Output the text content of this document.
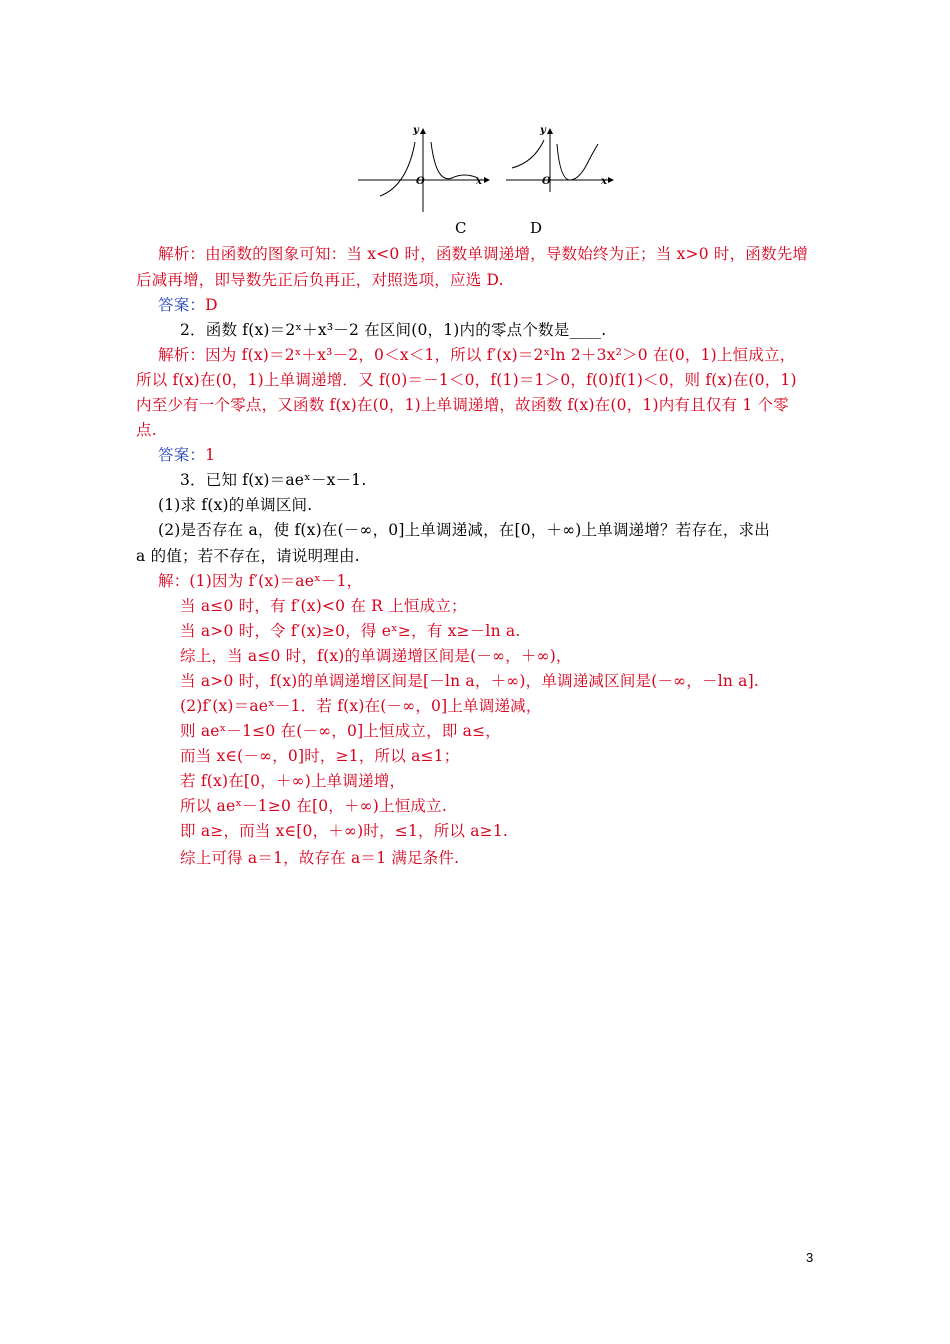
y
x
O
C
y
x
O
D
解析：由函数的图象可知：当 x<0 时，函数单调递增，导数始终为正；当 x>0 时，函数先增
后减再增，即导数先正后负再正，对照选项，应选 D.
答案：D
2．函数 f(x)＝2ˣ＋x³－2 在区间(0，1)内的零点个数是____.
解析：因为 f(x)＝2ˣ＋x³－2，0＜x＜1，所以 f′(x)＝2ˣln 2＋3x²＞0 在(0，1)上恒成立，
所以 f(x)在(0，1)上单调递增．又 f(0)＝－1＜0，f(1)＝1＞0，f(0)f(1)＜0，则 f(x)在(0，1)
内至少有一个零点，又函数 f(x)在(0，1)上单调递增，故函数 f(x)在(0，1)内有且仅有 1 个零
点.
答案：1
3．已知 f(x)＝aeˣ－x－1.
(1)求 f(x)的单调区间.
(2)是否存在 a，使 f(x)在(－∞，0]上单调递减，在[0，＋∞)上单调递增？若存在，求出
a 的值；若不存在，请说明理由.
解：(1)因为 f′(x)＝aeˣ－1，
当 a≤0 时，有 f′(x)<0 在 R 上恒成立；
当 a>0 时，令 f′(x)≥0，得 eˣ≥，有 x≥－ln a.
综上，当 a≤0 时，f(x)的单调递增区间是(－∞，＋∞)，
当 a>0 时，f(x)的单调递增区间是[－ln a，＋∞)，单调递减区间是(－∞，－ln a].
(2)f′(x)＝aeˣ－1．若 f(x)在(－∞，0]上单调递减，
则 aeˣ－1≤0 在(－∞，0]上恒成立，即 a≤，
而当 x∈(－∞，0]时，≥1，所以 a≤1；
若 f(x)在[0，＋∞)上单调递增，
所以 aeˣ－1≥0 在[0，＋∞)上恒成立.
即 a≥，而当 x∈[0，＋∞)时，≤1，所以 a≥1.
综上可得 a＝1，故存在 a＝1 满足条件.
3
